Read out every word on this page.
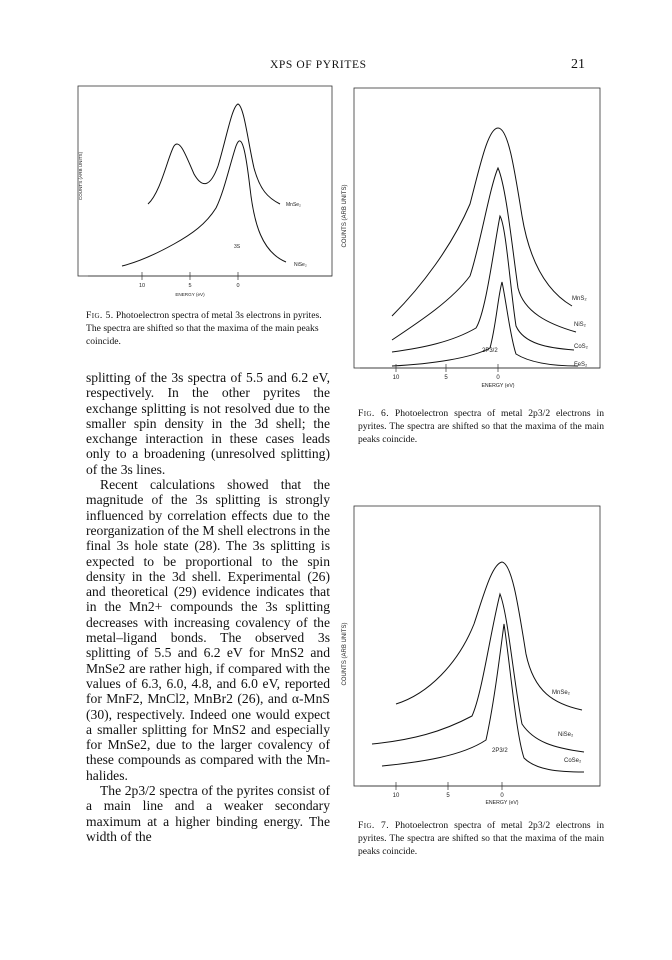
XPS OF PYRITES	21
COUNTS (ARB UNITS)
MnSe₂
NiSe₂
3S
10	5	0
ENERGY (eV)
Fig. 5. Photoelectron spectra of metal 3s electrons in pyrites. The spectra are shifted so that the maxima of the main peaks coincide.
COUNTS (ARB UNITS)
MnS₂
NiS₂
CoS₂
FeS₂
2P3/2
10	5	0
ENERGY (eV)
Fig. 6. Photoelectron spectra of metal 2p3/2 electrons in pyrites. The spectra are shifted so that the maxima of the main peaks coincide.
COUNTS (ARB UNITS)
MnSe₂
NiSe₂
CoSe₂
2P3/2
10	5	0
ENERGY (eV)
Fig. 7. Photoelectron spectra of metal 2p3/2 electrons in pyrites. The spectra are shifted so that the maxima of the main peaks coincide.

splitting of the 3s spectra of 5.5 and 6.2 eV, respectively. In the other pyrites the exchange splitting is not resolved due to the smaller spin density in the 3d shell; the exchange interaction in these cases leads only to a broadening (unresolved splitting) of the 3s lines.

Recent calculations showed that the magnitude of the 3s splitting is strongly influenced by correlation effects due to the reorganization of the M shell electrons in the final 3s hole state (28). The 3s splitting is expected to be proportional to the spin density in the 3d shell. Experimental (26) and theoretical (29) evidence indicates that in the Mn2+ compounds the 3s splitting decreases with increasing covalency of the metal–ligand bonds. The observed 3s splitting of 5.5 and 6.2 eV for MnS2 and MnSe2 are rather high, if compared with the values of 6.3, 6.0, 4.8, and 6.0 eV, reported for MnF2, MnCl2, MnBr2 (26), and α-MnS (30), respectively. Indeed one would expect a smaller splitting for MnS2 and especially for MnSe2, due to the larger covalency of these compounds as compared with the Mn-halides.

The 2p3/2 spectra of the pyrites consist of a main line and a weaker secondary maximum at a higher binding energy. The width of the
